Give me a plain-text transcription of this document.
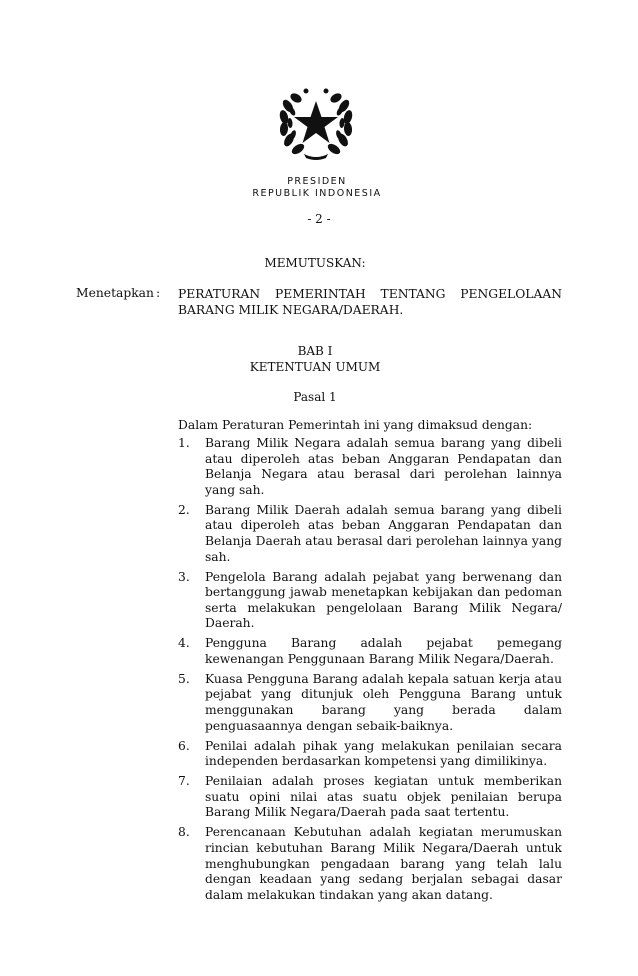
PRESIDEN
REPUBLIK INDONESIA
- 2 -
MEMUTUSKAN:
Menetapkan : PERATURAN PEMERINTAH TENTANG PENGELOLAAN
BARANG MILIK NEGARA/DAERAH.
BAB I
KETENTUAN UMUM
Pasal 1
Dalam Peraturan Pemerintah ini yang dimaksud dengan:
1. Barang Milik Negara adalah semua barang yang dibeli atau diperoleh atas beban Anggaran Pendapatan dan Belanja Negara atau berasal dari perolehan lainnya yang sah.
2. Barang Milik Daerah adalah semua barang yang dibeli atau diperoleh atas beban Anggaran Pendapatan dan Belanja Daerah atau berasal dari perolehan lainnya yang sah.
3. Pengelola Barang adalah pejabat yang berwenang dan bertanggung jawab menetapkan kebijakan dan pedoman serta melakukan pengelolaan Barang Milik Negara/ Daerah.
4. Pengguna Barang adalah pejabat pemegang kewenangan Penggunaan Barang Milik Negara/Daerah.
5. Kuasa Pengguna Barang adalah kepala satuan kerja atau pejabat yang ditunjuk oleh Pengguna Barang untuk menggunakan barang yang berada dalam penguasaannya dengan sebaik-baiknya.
6. Penilai adalah pihak yang melakukan penilaian secara independen berdasarkan kompetensi yang dimilikinya.
7. Penilaian adalah proses kegiatan untuk memberikan suatu opini nilai atas suatu objek penilaian berupa Barang Milik Negara/Daerah pada saat tertentu.
8. Perencanaan Kebutuhan adalah kegiatan merumuskan rincian kebutuhan Barang Milik Negara/Daerah untuk menghubungkan pengadaan barang yang telah lalu dengan keadaan yang sedang berjalan sebagai dasar dalam melakukan tindakan yang akan datang.
